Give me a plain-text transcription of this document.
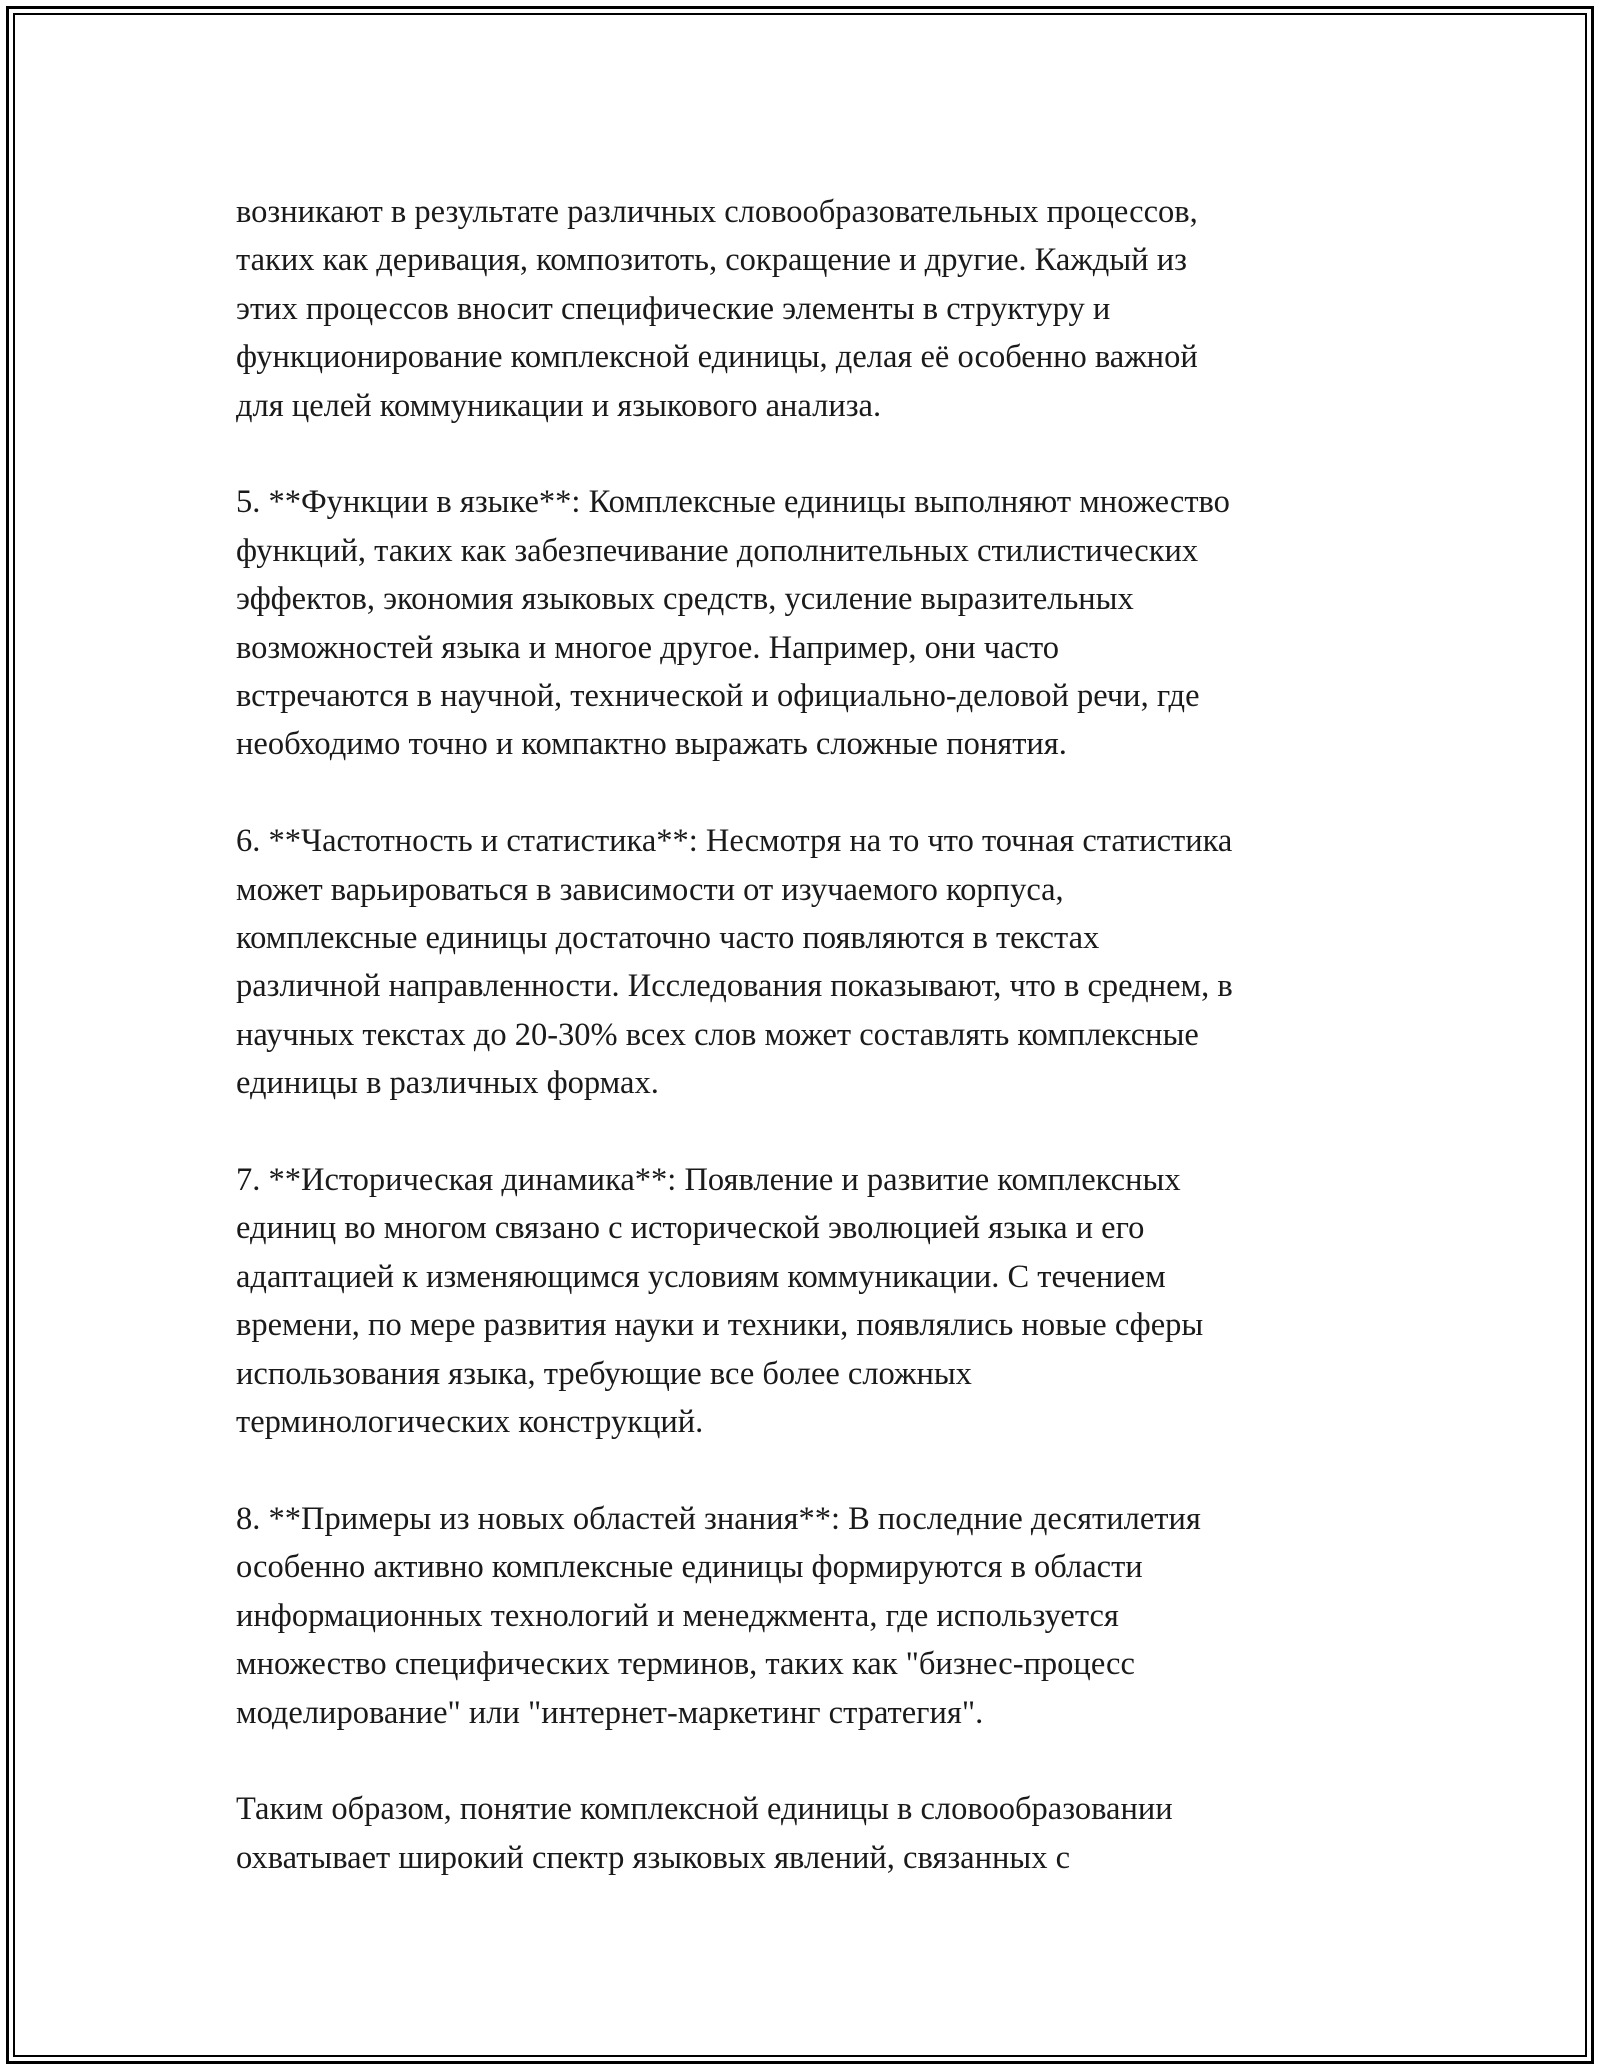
возникают в результате различных словообразовательных процессов,
таких как деривация, композитоть, сокращение и другие. Каждый из
этих процессов вносит специфические элементы в структуру и
функционирование комплексной единицы, делая её особенно важной
для целей коммуникации и языкового анализа.

5. **Функции в языке**: Комплексные единицы выполняют множество
функций, таких как забезпечивание дополнительных стилистических
эффектов, экономия языковых средств, усиление выразительных
возможностей языка и многое другое. Например, они часто
встречаются в научной, технической и официально-деловой речи, где
необходимо точно и компактно выражать сложные понятия.

6. **Частотность и статистика**: Несмотря на то что точная статистика
может варьироваться в зависимости от изучаемого корпуса,
комплексные единицы достаточно часто появляются в текстах
различной направленности. Исследования показывают, что в среднем, в
научных текстах до 20-30% всех слов может составлять комплексные
единицы в различных формах.

7. **Историческая динамика**: Появление и развитие комплексных
единиц во многом связано с исторической эволюцией языка и его
адаптацией к изменяющимся условиям коммуникации. С течением
времени, по мере развития науки и техники, появлялись новые сферы
использования языка, требующие все более сложных
терминологических конструкций.

8. **Примеры из новых областей знания**: В последние десятилетия
особенно активно комплексные единицы формируются в области
информационных технологий и менеджмента, где используется
множество специфических терминов, таких как "бизнес-процесс
моделирование" или "интернет-маркетинг стратегия".

Таким образом, понятие комплексной единицы в словообразовании
охватывает широкий спектр языковых явлений, связанных с
